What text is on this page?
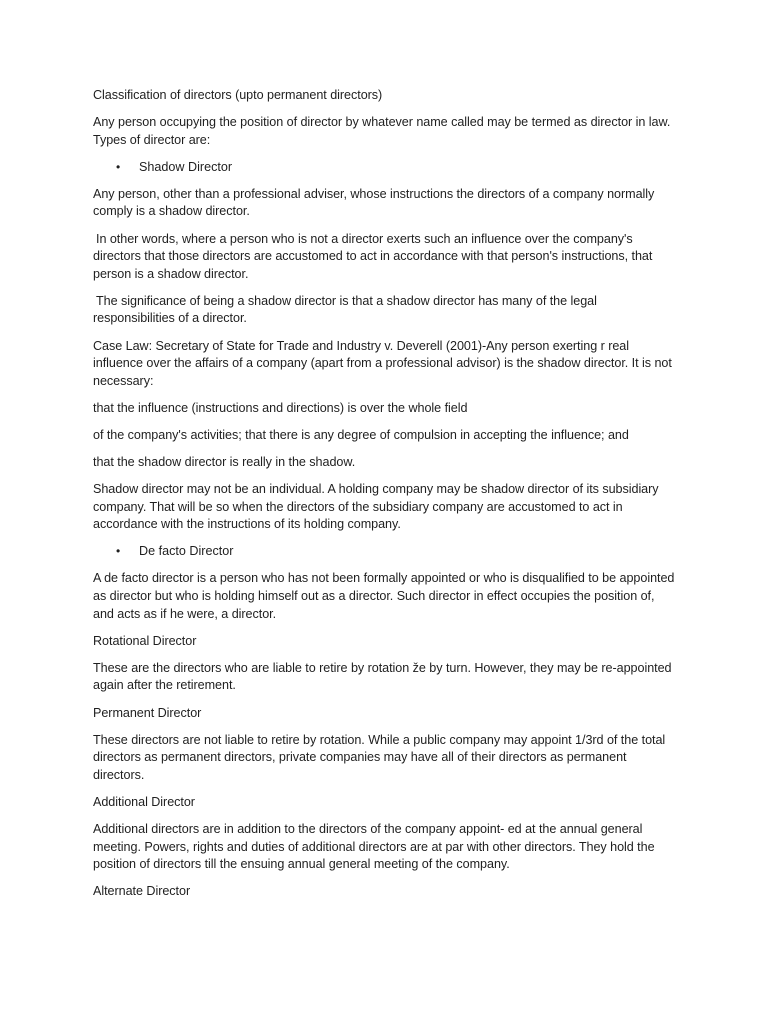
Classification of directors (upto permanent directors)

Any person occupying the position of director by whatever name called may be termed as director in law. Types of director are:

•	Shadow Director

Any person, other than a professional adviser, whose instructions the directors of a company normally comply is a shadow director.

In other words, where a person who is not a director exerts such an influence over the company's directors that those directors are accustomed to act in accordance with that person's instructions, that person is a shadow director.

The significance of being a shadow director is that a shadow director has many of the legal responsibilities of a director.

Case Law: Secretary of State for Trade and Industry v. Deverell (2001)-Any person exerting r real influence over the affairs of a company (apart from a professional advisor) is the shadow director. It is not necessary:

that the influence (instructions and directions) is over the whole field

of the company's activities; that there is any degree of compulsion in accepting the influence; and

that the shadow director is really in the shadow.

Shadow director may not be an individual. A holding company may be shadow director of its subsidiary company. That will be so when the directors of the subsidiary company are accustomed to act in accordance with the instructions of its holding company.

•	De facto Director

A de facto director is a person who has not been formally appointed or who is disqualified to be appointed as director but who is holding himself out as a director. Such director in effect occupies the position of, and acts as if he were, a director.

Rotational Director

These are the directors who are liable to retire by rotation že by turn. However, they may be re-appointed again after the retirement.

Permanent Director

These directors are not liable to retire by rotation. While a public company may appoint 1/3rd of the total directors as permanent directors, private companies may have all of their directors as permanent directors.

Additional Director

Additional directors are in addition to the directors of the company appoint- ed at the annual general meeting. Powers, rights and duties of additional directors are at par with other directors. They hold the position of directors till the ensuing annual general meeting of the company.

Alternate Director
